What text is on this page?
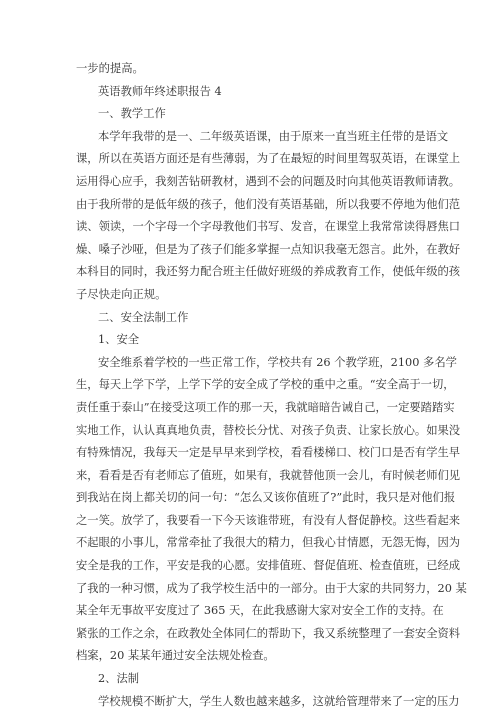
一步的提高。
英语教师年终述职报告 4
一、教学工作
本学年我带的是一、二年级英语课，由于原来一直当班主任带的是语文
课，所以在英语方面还是有些薄弱，为了在最短的时间里驾驭英语，在课堂上
运用得心应手，我刻苦钻研教材，遇到不会的问题及时向其他英语教师请教。
由于我所带的是低年级的孩子，他们没有英语基础，所以我要不停地为他们范
读、领读，一个字母一个字母教他们书写、发音，在课堂上我常常读得唇焦口
燥、嗓子沙哑，但是为了孩子们能多掌握一点知识我毫无怨言。此外，在教好
本科目的同时，我还努力配合班主任做好班级的养成教育工作，使低年级的孩
子尽快走向正规。
二、安全法制工作
1、安全
安全维系着学校的一些正常工作，学校共有 26 个教学班，2100 多名学
生，每天上学下学，上学下学的安全成了学校的重中之重。“安全高于一切，
责任重于泰山”在接受这项工作的那一天，我就暗暗告诫自己，一定要踏踏实
实地工作，认认真真地负责，替校长分忧、对孩子负责、让家长放心。如果没
有特殊情况，我每天一定是早早来到学校，看看楼梯口、校门口是否有学生早
来，看看是否有老师忘了值班，如果有，我就替他顶一会儿，有时候老师们见
到我站在岗上都关切的问一句：“怎么又该你值班了?”此时，我只是对他们报
之一笑。放学了，我要看一下今天该谁带班，有没有人督促静校。这些看起来
不起眼的小事儿，常常牵扯了我很大的精力，但我心甘情愿，无怨无悔，因为
安全是我的工作，平安是我的心愿。安排值班、督促值班、检查值班，已经成
了我的一种习惯，成为了我学校生活中的一部分。由于大家的共同努力，20 某
某全年无事故平安度过了 365 天，在此我感谢大家对安全工作的支持。在
紧张的工作之余，在政教处全体同仁的帮助下，我又系统整理了一套安全资料
档案，20 某某年通过安全法规处检查。
2、法制
学校规模不断扩大，学生人数也越来越多，这就给管理带来了一定的压力
